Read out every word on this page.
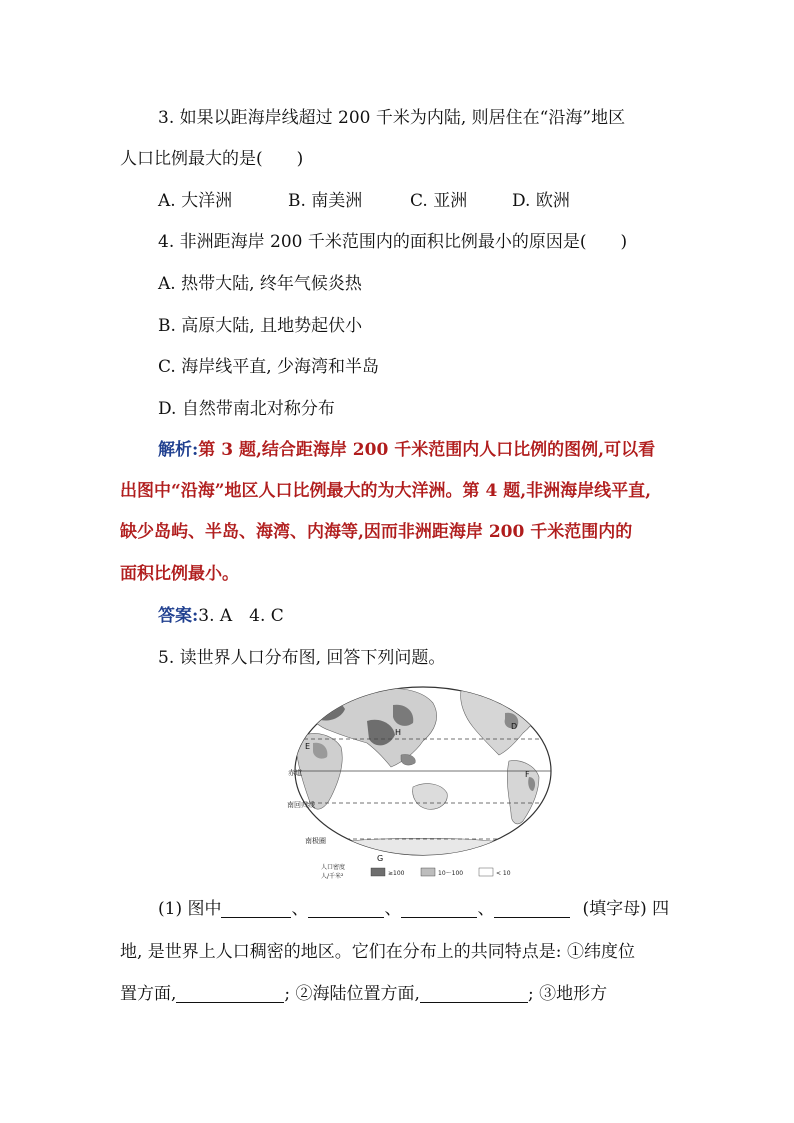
3. 如果以距海岸线超过 200 千米为内陆, 则居住在“沿海”地区
人口比例最大的是(　　)
A. 大洋洲	B. 南美洲	C. 亚洲	D. 欧洲
4. 非洲距海岸 200 千米范围内的面积比例最小的原因是(　　)
A. 热带大陆, 终年气候炎热
B. 高原大陆, 且地势起伏小
C. 海岸线平直, 少海湾和半岛
D. 自然带南北对称分布
解析:第 3 题,结合距海岸 200 千米范围内人口比例的图例,可以看
出图中“沿海”地区人口比例最大的为大洋洲。第 4 题,非洲海岸线平直,
缺少岛屿、半岛、海湾、内海等,因而非洲距海岸 200 千米范围内的
面积比例最小。
答案:3. A　4. C
5. 读世界人口分布图, 回答下列问题。
赤道
南回归线
南极圈
E
H
D
F
G
人口密度
人/千米²	≥100	10～100	< 10
(1) 图中	、	、	、	(填字母) 四
地, 是世界上人口稠密的地区。它们在分布上的共同特点是: ①纬度位
置方面,	; ②海陆位置方面,	; ③地形方
